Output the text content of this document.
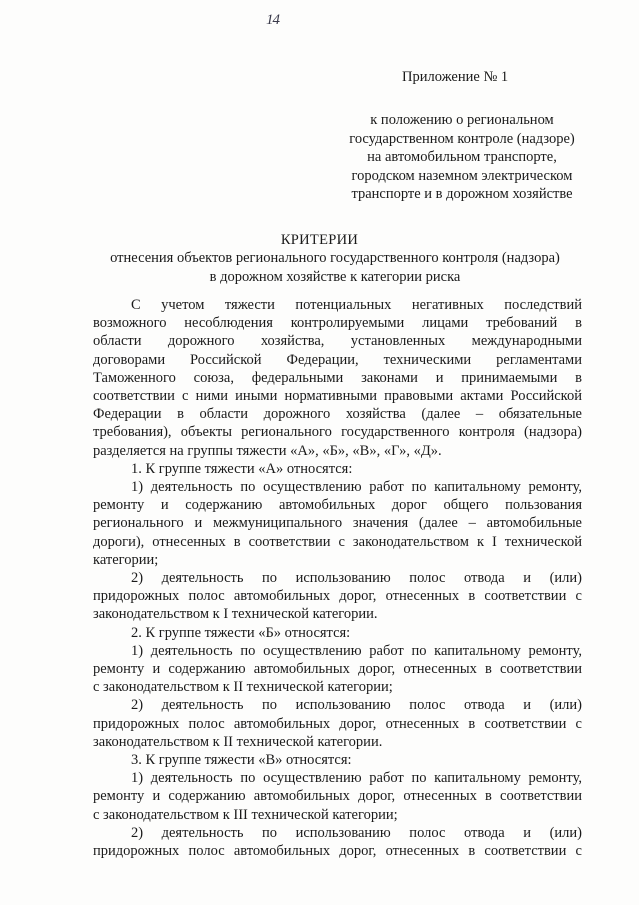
14
Приложение № 1
к положению о региональном
государственном контроле (надзоре)
на автомобильном транспорте,
городском наземном электрическом
транспорте и в дорожном хозяйстве
КРИТЕРИИ
отнесения объектов регионального государственного контроля (надзора)
в дорожном хозяйстве к категории риска
С учетом тяжести потенциальных негативных последствий
возможного несоблюдения контролируемыми лицами требований в
области дорожного хозяйства, установленных международными
договорами Российской Федерации, техническими регламентами
Таможенного союза, федеральными законами и принимаемыми в
соответствии с ними иными нормативными правовыми актами Российской
Федерации в области дорожного хозяйства (далее – обязательные
требования), объекты регионального государственного контроля (надзора)
разделяется на группы тяжести «А», «Б», «В», «Г», «Д».
1. К группе тяжести «А» относятся:
1) деятельность по осуществлению работ по капитальному ремонту,
ремонту и содержанию автомобильных дорог общего пользования
регионального и межмуниципального значения (далее – автомобильные
дороги), отнесенных в соответствии с законодательством к I технической
категории;
2) деятельность по использованию полос отвода и (или)
придорожных полос автомобильных дорог, отнесенных в соответствии с
законодательством к I технической категории.
2. К группе тяжести «Б» относятся:
1) деятельность по осуществлению работ по капитальному ремонту,
ремонту и содержанию автомобильных дорог, отнесенных в соответствии
с законодательством к II технической категории;
2) деятельность по использованию полос отвода и (или)
придорожных полос автомобильных дорог, отнесенных в соответствии с
законодательством к II технической категории.
3. К группе тяжести «В» относятся:
1) деятельность по осуществлению работ по капитальному ремонту,
ремонту и содержанию автомобильных дорог, отнесенных в соответствии
с законодательством к III технической категории;
2) деятельность по использованию полос отвода и (или)
придорожных полос автомобильных дорог, отнесенных в соответствии с
